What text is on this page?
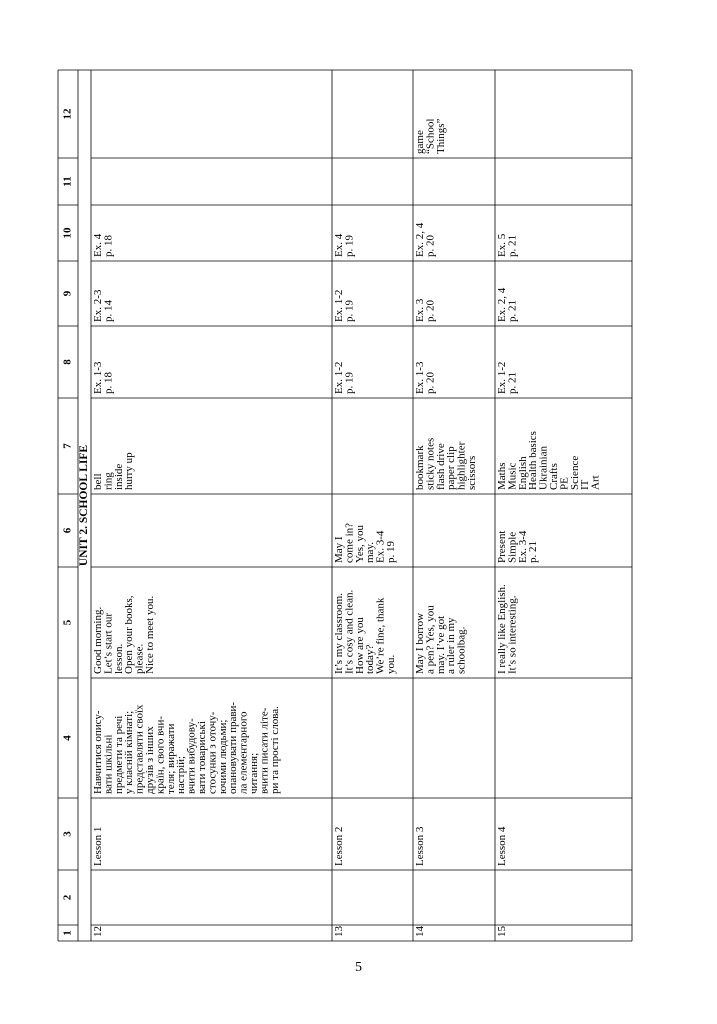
1
2
3
4
5
6
7
8
9
10
11
12
UNIT 2. SCHOOL LIFE
12
Lesson 1
Навчитися опису-
вати шкільні
предмети та речі
у класній кімнаті;
представляти своїх
друзів з інших
країн, свого вчи-
теля; виражати
настрій;
вчити вибудову-
вати товариські
стосунки з оточу-
ючими людьми;
опановувати прави-
ла елементарного
читання;
вчити писати літе-
ри та прості слова.
Good morning.
Let’s start our
lesson.
Open your books,
please.
Nice to meet you.
bell
ring
inside
hurry up
Ex. 1-3
p. 18
Ex. 2-3
p. 14
Ex. 4
p. 18
13
Lesson 2
It’s my classroom.
It’s cosy and clean.
How are you
today?
We’re fine, thank
you.
May I
come in?
Yes, you
may.
Ex. 3-4
p. 19
Ex. 1-2
p. 19
Ex. 1-2
p. 19
Ex. 4
p. 19
14
Lesson 3
May I borrow
a pen? Yes, you
may. I’ve got
a ruler in my
schoolbag.
bookmark
sticky notes
flash drive
paper clip
highlighter
scissors
Ex. 1-3
p. 20
Ex. 3
p. 20
Ex. 2, 4
p. 20
game
“School
Things”
15
Lesson 4
I really like English.
It’s so interesting.
Present
Simple
Ex. 3-4
p. 21
Maths
Music
English
Health basics
Ukrainian
Crafts
PE
Science
IT
Art
Ex. 1-2
p. 21
Ex. 2, 4
p. 21
Ex. 5
p. 21
5
